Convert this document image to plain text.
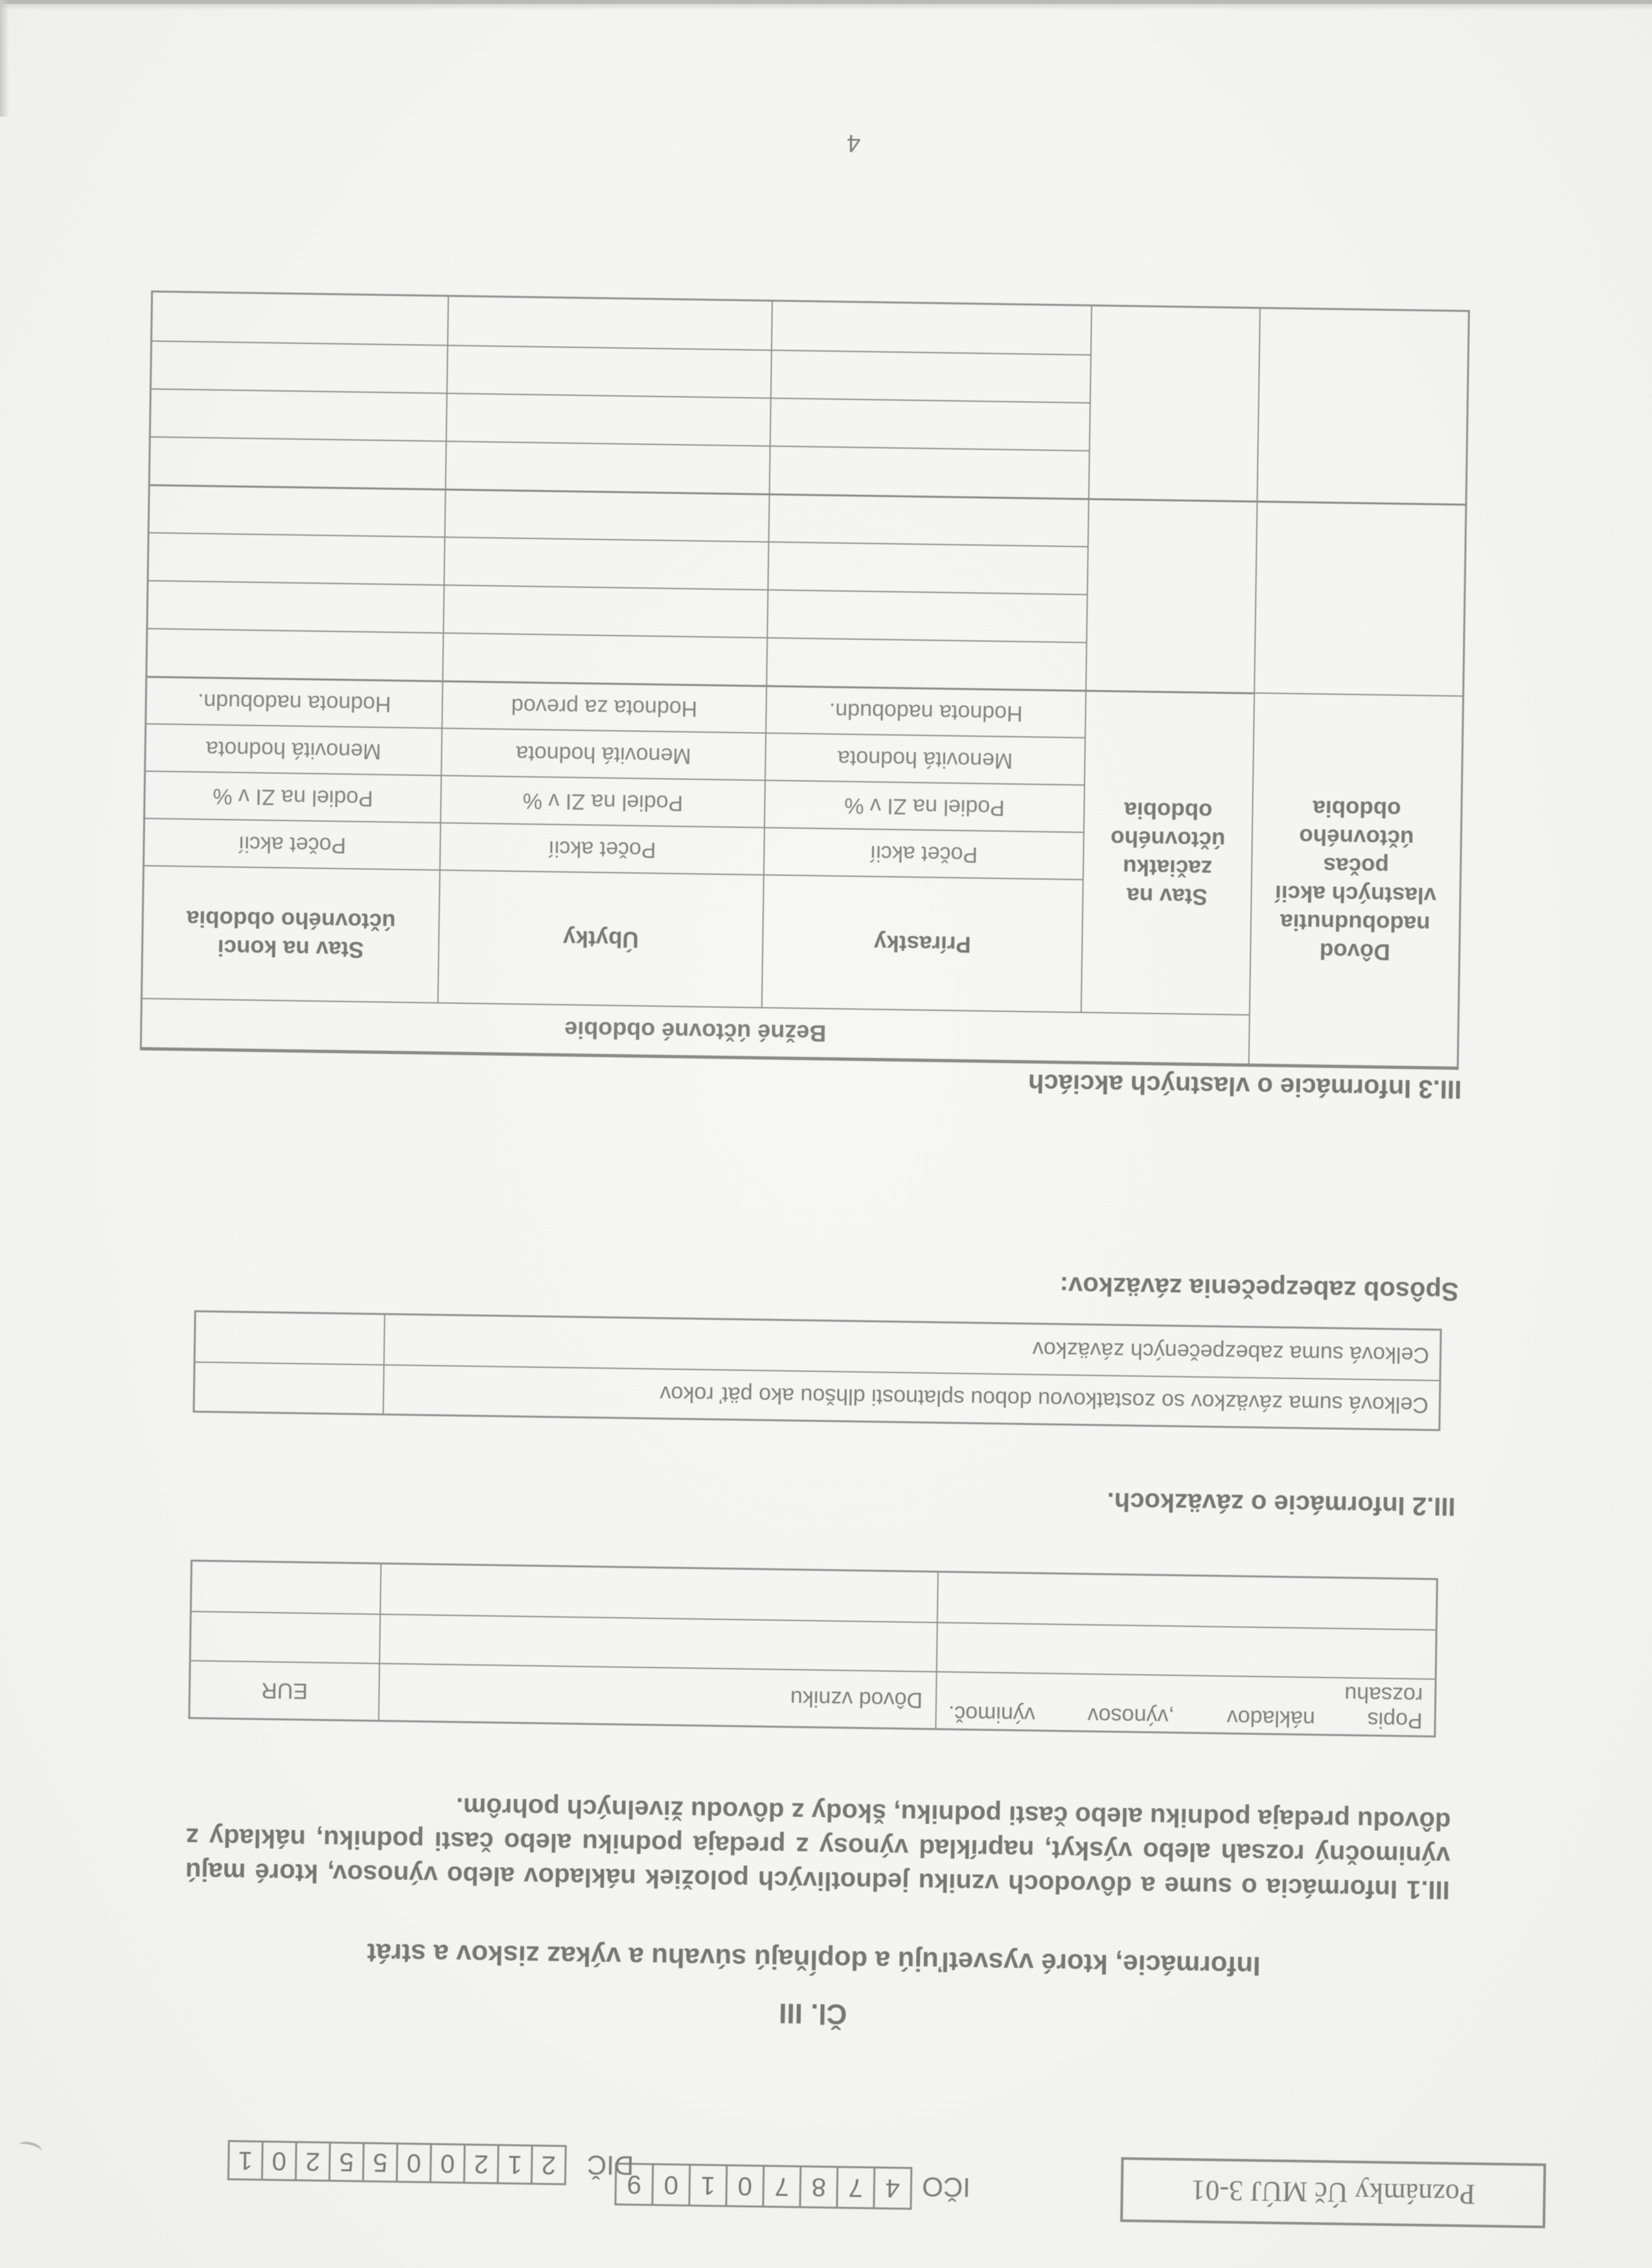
Poznámky Úč MÚJ 3-01
IČO
4
7
8
7
0
1
0
9
DIČ
2
1
2
0
0
5
5
2
0
1
Čl. III
Informácie, ktoré vysvetľujú a dopĺňajú súvahu a výkaz ziskov a strát
III.1 Informácia o sume a dôvodoch vzniku jednotlivých položiek nákladov alebo výnosov, ktoré majú výnimočný rozsah alebo výskyt, napríklad výnosy z predaja podniku alebo časti podniku, náklady z dôvodu predaja podniku alebo časti podniku, škody z dôvodu živelných pohrôm.
Popis nákladov ,výnosov výnimoč.
rozsahu
Dôvod vzniku
EUR
III.2 Informácie o záväzkoch.
Celková suma záväzkov so zostatkovou dobou splatnosti dlhšou ako päť rokov
Celková suma zabezpečených záväzkov
Spôsob zabezpečenia záväzkov:
III.3 Informácie o vlastných akciách
Dôvod nadobudnutia vlastných akcií počas účtovného obdobia
Bežné účtovné obdobie
Stav na začiatku účtovného obdobia
Prírastky
Úbytky
Stav na konci účtovného obdobia
Počet akcií
Počet akcií
Počet akcií
Podiel na ZI v %
Podiel na ZI v %
Podiel na ZI v %
Menovitá hodnota
Menovitá hodnota
Menovitá hodnota
Hodnota nadobudn.
Hodnota za prevod
Hodnota nadobudn.
4
